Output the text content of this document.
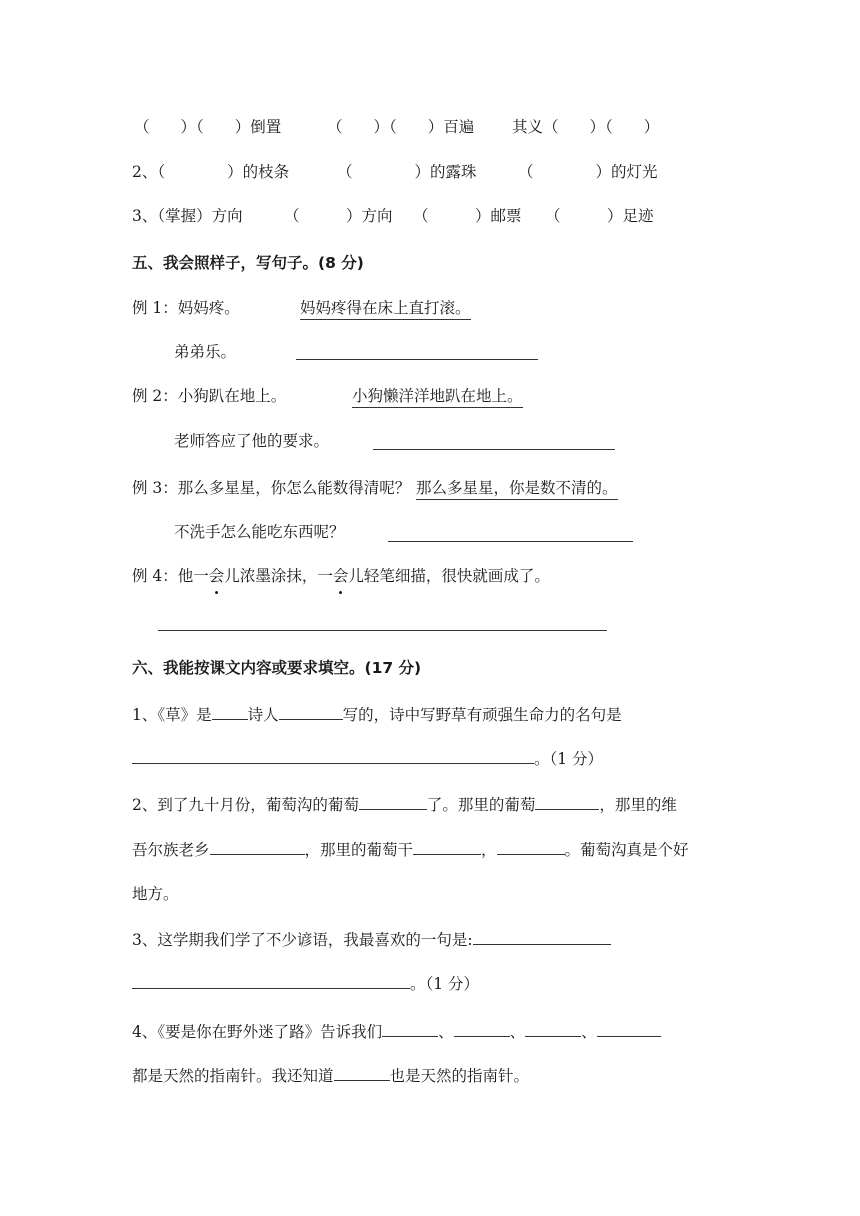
（　　）（　　）倒置	（　　）（　　）百遍 其义（　　）（　　）
2、（　　　　）的枝条	（　　　　）的露珠	（　　　　）的灯光
3、（掌握）方向	（　　　）方向 （　　　）邮票 （　　　）足迹
五、我会照样子，写句子。(8 分)
例 1：妈妈疼。	妈妈疼得在床上直打滚。
弟弟乐。
例 2：小狗趴在地上。	小狗懒洋洋地趴在地上。
老师答应了他的要求。
例 3：那么多星星，你怎么能数得清呢？ 那么多星星，你是数不清的。
不洗手怎么能吃东西呢？
例 4：他一会儿浓墨涂抹，一会儿轻笔细描，很快就画成了。
六、我能按课文内容或要求填空。(17 分)
1、《草》是 诗人	写的，诗中写野草有顽强生命力的名句是
。（1 分）
2、到了九十月份，葡萄沟的葡萄	了。那里的葡萄	，那里的维
吾尔族老乡	，那里的葡萄干	，	。葡萄沟真是个好
地方。
3、这学期我们学了不少谚语，我最喜欢的一句是:
。（1 分）
4、《要是你在野外迷了路》告诉我们	、	、	、
都是天然的指南针。我还知道	也是天然的指南针。
